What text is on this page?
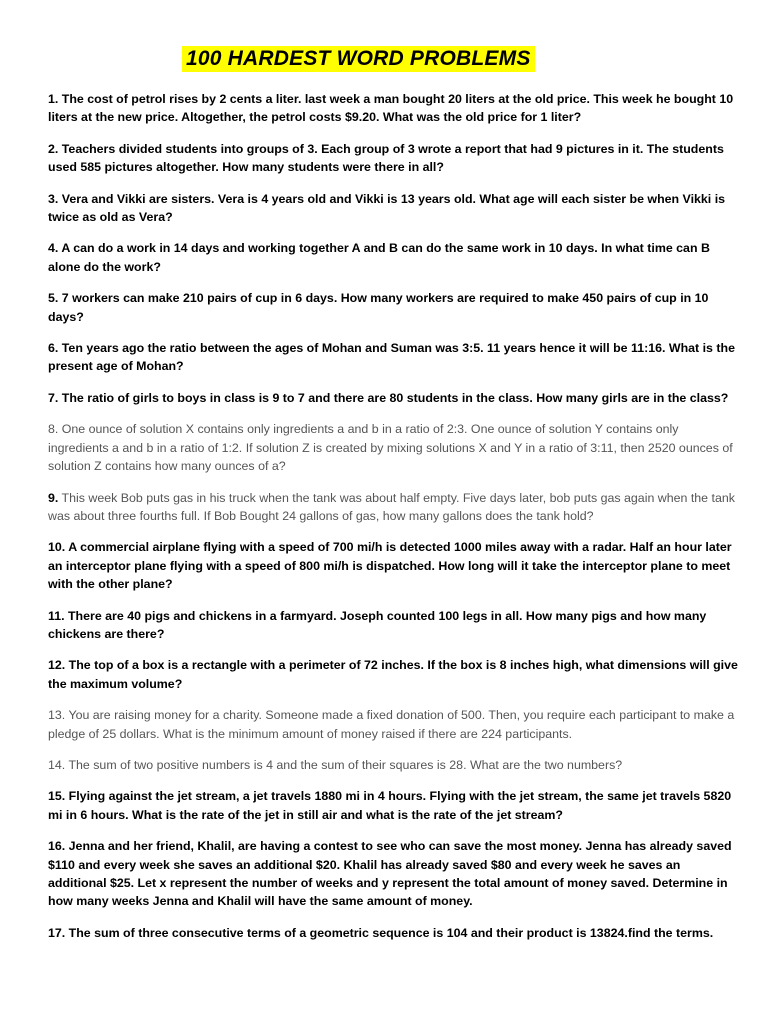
100 HARDEST WORD PROBLEMS

1. The cost of petrol rises by 2 cents a liter. last week a man bought 20 liters at the old price. This week he bought 10 liters at the new price. Altogether, the petrol costs $9.20. What was the old price for 1 liter?

2. Teachers divided students into groups of 3. Each group of 3 wrote a report that had 9 pictures in it. The students used 585 pictures altogether. How many students were there in all?

3. Vera and Vikki are sisters. Vera is 4 years old and Vikki is 13 years old. What age will each sister be when Vikki is twice as old as Vera?

4. A can do a work in 14 days and working together A and B can do the same work in 10 days. In what time can B alone do the work?

5. 7 workers can make 210 pairs of cup in 6 days. How many workers are required to make 450 pairs of cup in 10 days?

6. Ten years ago the ratio between the ages of Mohan and Suman was 3:5. 11 years hence it will be 11:16. What is the present age of Mohan?

7. The ratio of girls to boys in class is 9 to 7 and there are 80 students in the class. How many girls are in the class?

8. One ounce of solution X contains only ingredients a and b in a ratio of 2:3. One ounce of solution Y contains only ingredients a and b in a ratio of 1:2. If solution Z is created by mixing solutions X and Y in a ratio of 3:11, then 2520 ounces of solution Z contains how many ounces of a?

9. This week Bob puts gas in his truck when the tank was about half empty. Five days later, bob puts gas again when the tank was about three fourths full. If Bob Bought 24 gallons of gas, how many gallons does the tank hold?

10. A commercial airplane flying with a speed of 700 mi/h is detected 1000 miles away with a radar. Half an hour later an interceptor plane flying with a speed of 800 mi/h is dispatched. How long will it take the interceptor plane to meet with the other plane?

11. There are 40 pigs and chickens in a farmyard. Joseph counted 100 legs in all. How many pigs and how many chickens are there?

12. The top of a box is a rectangle with a perimeter of 72 inches. If the box is 8 inches high, what dimensions will give the maximum volume?

13. You are raising money for a charity. Someone made a fixed donation of 500. Then, you require each participant to make a pledge of 25 dollars. What is the minimum amount of money raised if there are 224 participants.

14. The sum of two positive numbers is 4 and the sum of their squares is 28. What are the two numbers?

15. Flying against the jet stream, a jet travels 1880 mi in 4 hours. Flying with the jet stream, the same jet travels 5820 mi in 6 hours. What is the rate of the jet in still air and what is the rate of the jet stream?

16. Jenna and her friend, Khalil, are having a contest to see who can save the most money. Jenna has already saved $110 and every week she saves an additional $20. Khalil has already saved $80 and every week he saves an additional $25. Let x represent the number of weeks and y represent the total amount of money saved. Determine in how many weeks Jenna and Khalil will have the same amount of money.

17. The sum of three consecutive terms of a geometric sequence is 104 and their product is 13824.find the terms.
